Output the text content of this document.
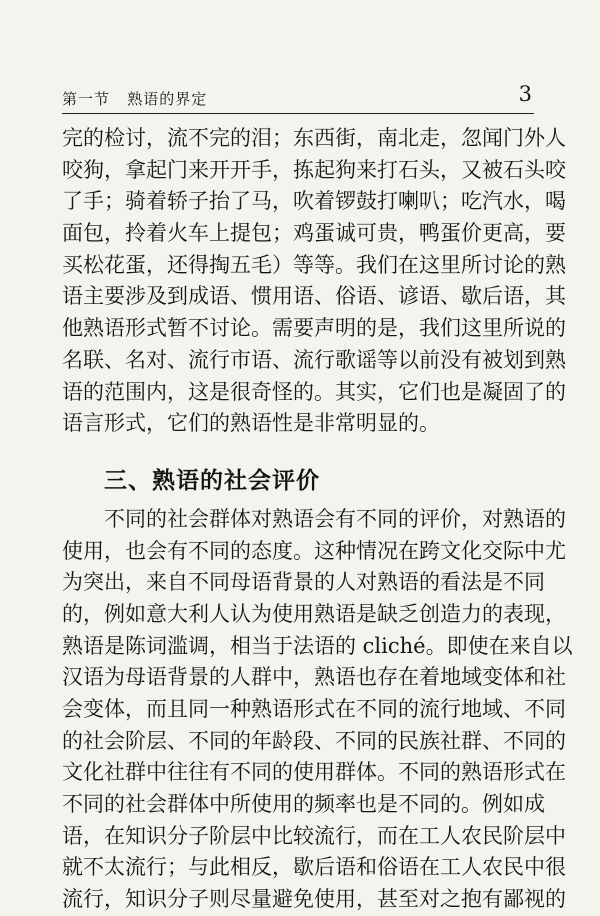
第一节   熟语的界定	3
完的检讨，流不完的泪；东西街，南北走，忽闻门外人
咬狗，拿起门来开开手，拣起狗来打石头，又被石头咬
了手；骑着轿子抬了马，吹着锣鼓打喇叭；吃汽水，喝
面包，拎着火车上提包；鸡蛋诚可贵，鸭蛋价更高，要
买松花蛋，还得掏五毛）等等。我们在这里所讨论的熟
语主要涉及到成语、惯用语、俗语、谚语、歇后语，其
他熟语形式暂不讨论。需要声明的是，我们这里所说的
名联、名对、流行市语、流行歌谣等以前没有被划到熟
语的范围内，这是很奇怪的。其实，它们也是凝固了的
语言形式，它们的熟语性是非常明显的。
三、熟语的社会评价
不同的社会群体对熟语会有不同的评价，对熟语的
使用，也会有不同的态度。这种情况在跨文化交际中尤
为突出，来自不同母语背景的人对熟语的看法是不同
的，例如意大利人认为使用熟语是缺乏创造力的表现，
熟语是陈词滥调，相当于法语的 cliché。即使在来自以
汉语为母语背景的人群中，熟语也存在着地域变体和社
会变体，而且同一种熟语形式在不同的流行地域、不同
的社会阶层、不同的年龄段、不同的民族社群、不同的
文化社群中往往有不同的使用群体。不同的熟语形式在
不同的社会群体中所使用的频率也是不同的。例如成
语，在知识分子阶层中比较流行，而在工人农民阶层中
就不太流行；与此相反，歇后语和俗语在工人农民中很
流行，知识分子则尽量避免使用，甚至对之抱有鄙视的
